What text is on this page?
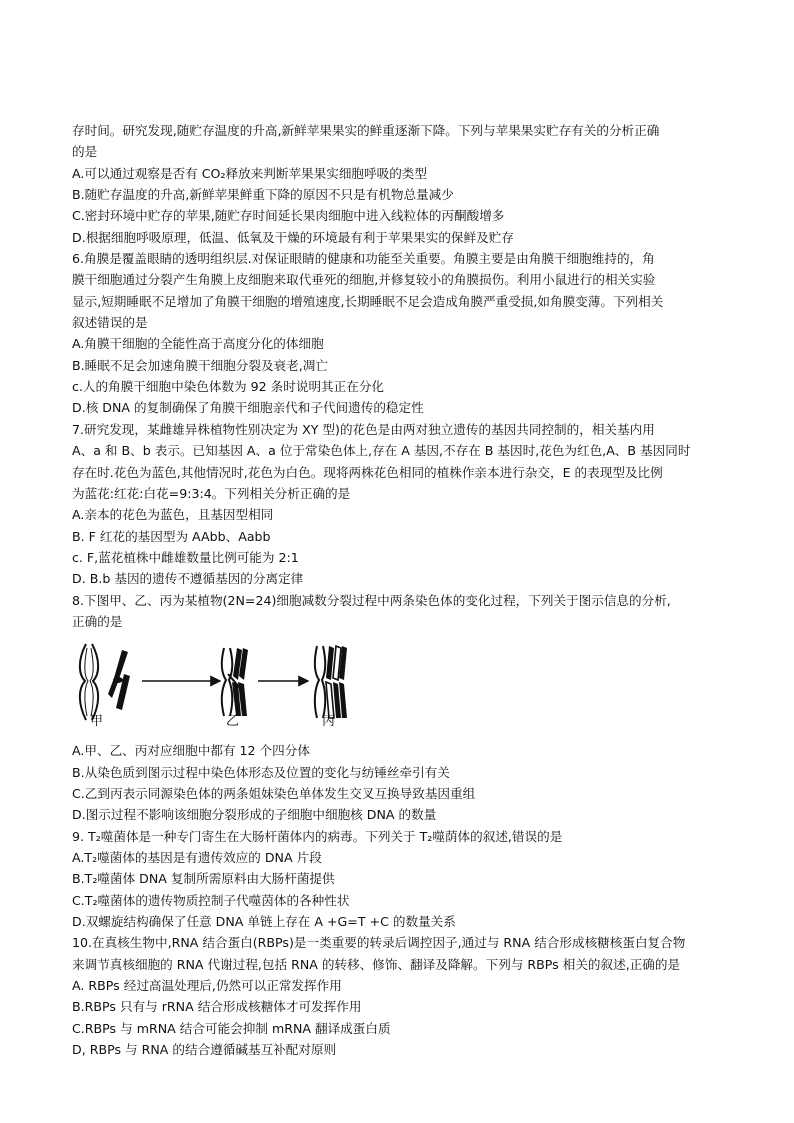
存时间。研究发现,随贮存温度的升高,新鲜苹果果实的鲜重逐渐下降。下列与苹果果实贮存有关的分析正确
的是
A.可以通过观察是否有 CO₂释放来判断苹果果实细胞呼吸的类型
B.随贮存温度的升高,新鲜苹果鲜重下降的原因不只是有机物总量减少
C.密封环境中贮存的苹果,随贮存时间延长果肉细胞中进入线粒体的丙酮酸增多
D.根据细胞呼吸原理，低温、低氧及干燥的环境最有利于苹果果实的保鲜及贮存
6.角膜是覆盖眼睛的透明组织层.对保证眼睛的健康和功能至关重要。角膜主要是由角膜干细胞维持的，角
膜干细胞通过分裂产生角膜上皮细胞来取代垂死的细胞,并修复较小的角膜损伤。利用小鼠进行的相关实验
显示,短期睡眠不足增加了角膜干细胞的增殖速度,长期睡眠不足会造成角膜严重受损,如角膜变薄。下列相关
叙述错误的是
A.角膜干细胞的全能性高于高度分化的体细胞
B.睡眠不足会加速角膜干细胞分裂及衰老,凋亡
c.人的角膜干细胞中染色体数为 92 条时说明其正在分化
D.核 DNA 的复制确保了角膜干细胞亲代和子代间遗传的稳定性
7.研究发现，某雌雄异株植物性别决定为 XY 型)的花色是由两对独立遗传的基因共同控制的，相关基内用
A、a 和 B、b 表示。已知基因 A、a 位于常染色体上,存在 A 基因,不存在 B 基因时,花色为红色,A、B 基因同时
存在时.花色为蓝色,其他情况时,花色为白色。现将两株花色相同的植株作亲本进行杂交，E 的表现型及比例
为蓝花:红花:白花=9:3:4。下列相关分析正确的是
A.亲本的花色为蓝色，且基因型相同
B. F 红花的基因型为 AAbb、Aabb
c. F,蓝花植株中雌雄数量比例可能为 2:1
D. B.b 基因的遗传不遵循基因的分离定律
8.下图甲、乙、丙为某植物(2N=24)细胞减数分裂过程中两条染色体的变化过程，下列关于图示信息的分析,
正确的是
甲	乙	丙
A.甲、乙、丙对应细胞中都有 12 个四分体
B.从染色质到图示过程中染色体形态及位置的变化与纺锤丝牵引有关
C.乙到丙表示同源染色体的两条姐妹染色单体发生交叉互换导致基因重组
D.图示过程不影响该细胞分裂形成的子细胞中细胞核 DNA 的数量
9. T₂噬菌体是一种专门寄生在大肠杆菌体内的病毒。下列关于 T₂噬荫体的叙述,错误的是
A.T₂噬菌体的基因是有遗传效应的 DNA 片段
B.T₂噬菌体 DNA 复制所需原料由大肠杆菌提供
C.T₂噬菌体的遗传物质控制子代噬茵体的各种性状
D.双螺旋结构确保了任意 DNA 单链上存在 A +G=T +C 的数量关系
10.在真核生物中,RNA 结合蛋白(RBPs)是一类重要的转录后调控因子,通过与 RNA 结合形成核糖核蛋白复合物
来调节真核细胞的 RNA 代谢过程,包括 RNA 的转移、修饰、翻译及降解。下列与 RBPs 相关的叙述,正确的是
A. RBPs 经过高温处理后,仍然可以正常发挥作用
B.RBPs 只有与 rRNA 结合形成核糖体才可发挥作用
C.RBPs 与 mRNA 结合可能会抑制 mRNA 翻译成蛋白质
D, RBPs 与 RNA 的结合遵循碱基互补配对原则
